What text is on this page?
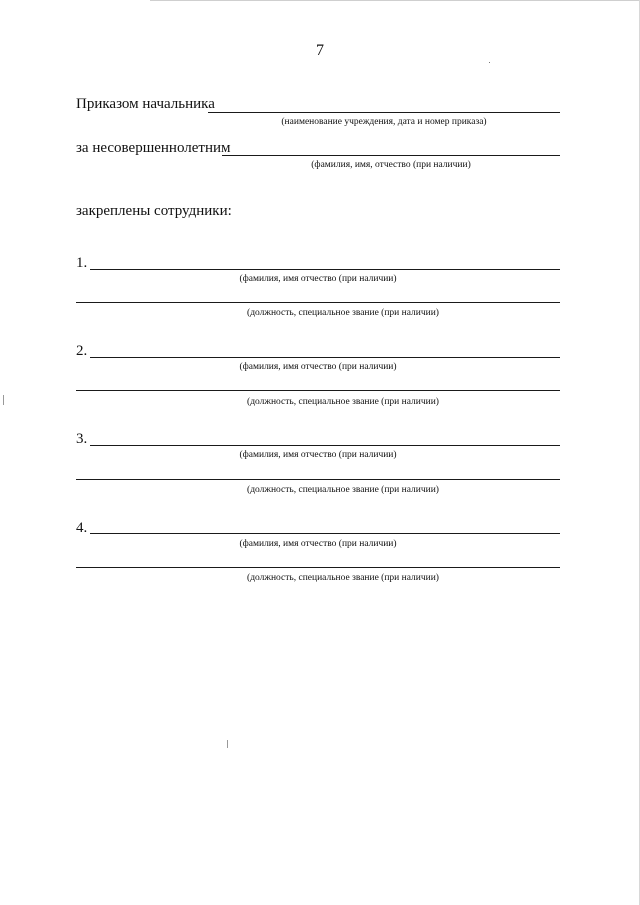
7
Приказом начальника
(наименование учреждения, дата и номер приказа)
за несовершеннолетним
(фамилия, имя, отчество (при наличии)
закреплены сотрудники:
1.
(фамилия, имя отчество (при наличии)
(должность, специальное звание (при наличии)
2.
(фамилия, имя отчество (при наличии)
(должность, специальное звание (при наличии)
3.
(фамилия, имя отчество (при наличии)
(должность, специальное звание (при наличии)
4.
(фамилия, имя отчество (при наличии)
(должность, специальное звание (при наличии)
